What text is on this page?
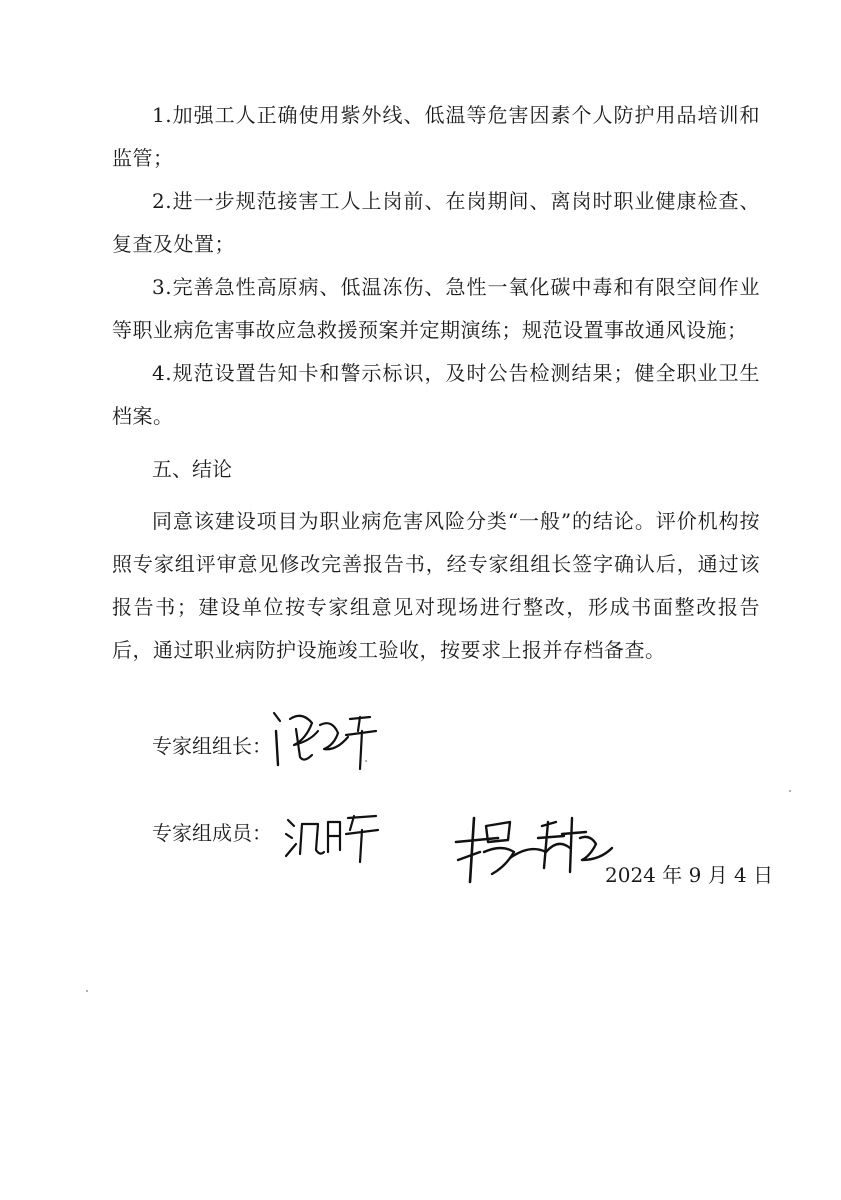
1.加强工人正确使用紫外线、低温等危害因素个人防护用品培训和监管；

2.进一步规范接害工人上岗前、在岗期间、离岗时职业健康检查、复查及处置；

3.完善急性高原病、低温冻伤、急性一氧化碳中毒和有限空间作业等职业病危害事故应急救援预案并定期演练；规范设置事故通风设施；

4.规范设置告知卡和警示标识，及时公告检测结果；健全职业卫生档案。

五、结论

同意该建设项目为职业病危害风险分类“一般”的结论。评价机构按照专家组评审意见修改完善报告书，经专家组组长签字确认后，通过该报告书；建设单位按专家组意见对现场进行整改，形成书面整改报告后，通过职业病防护设施竣工验收，按要求上报并存档备查。

专家组组长：
专家组成员：
2024 年 9 月 4 日
